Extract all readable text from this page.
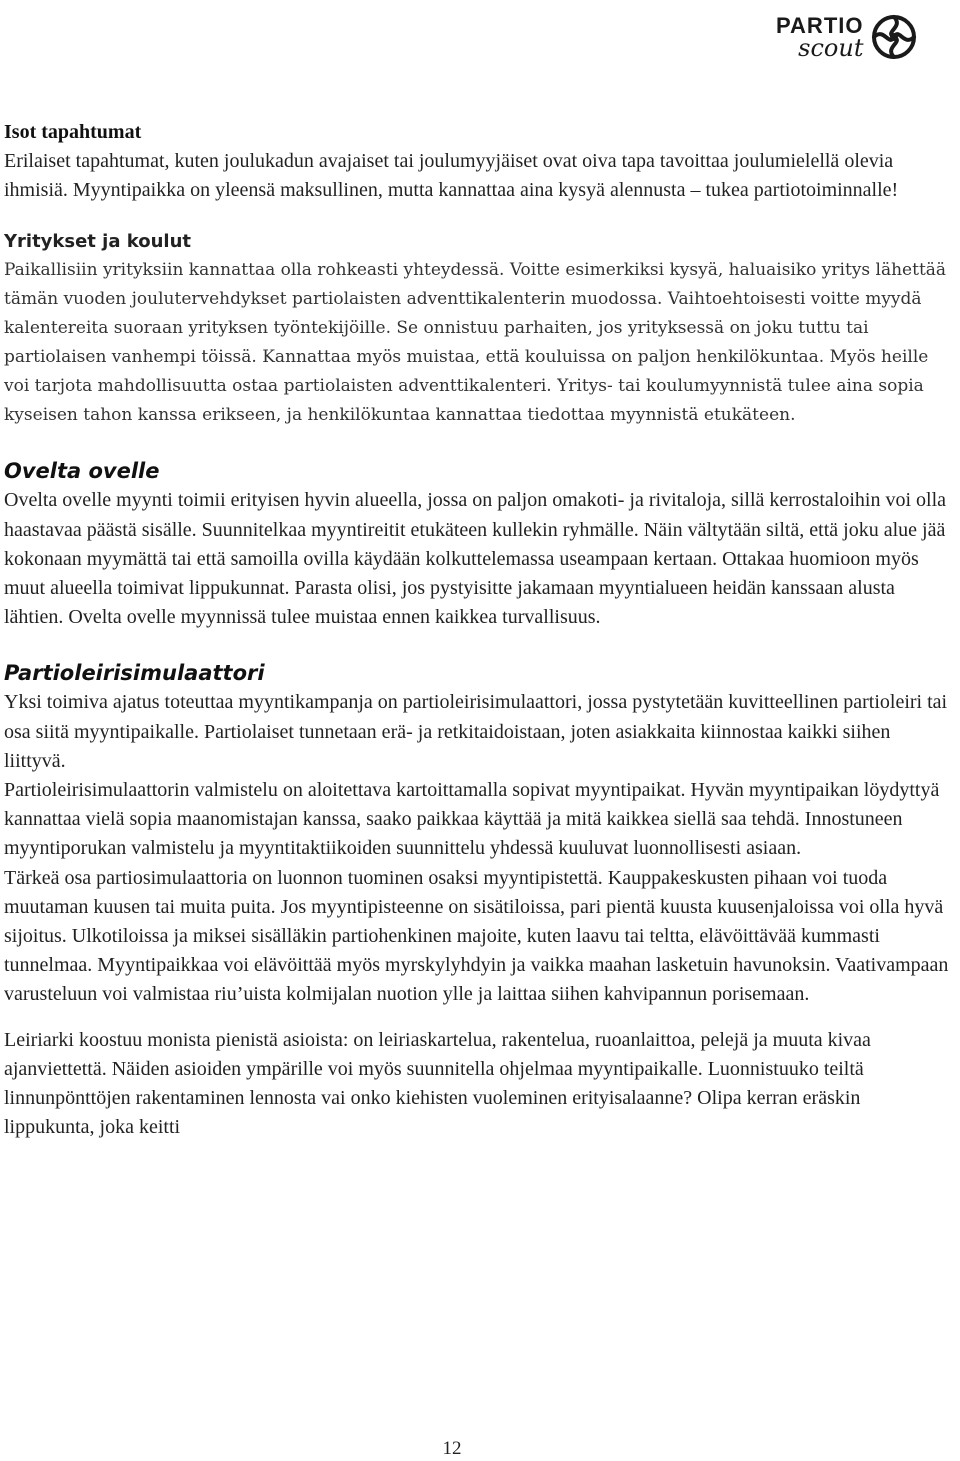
PARTIO
scout
Isot tapahtumat

Erilaiset tapahtumat, kuten joulukadun avajaiset tai joulumyyjäiset ovat oiva tapa tavoittaa joulumielellä olevia ihmisiä. Myyntipaikka on yleensä maksullinen, mutta kannattaa aina kysyä alennusta – tukea partiotoiminnalle!

Yritykset ja koulut

Paikallisiin yrityksiin kannattaa olla rohkeasti yhteydessä. Voitte esimerkiksi kysyä, haluaisiko yritys lähettää tämän vuoden joulutervehdykset partiolaisten adventtikalenterin muodossa. Vaihtoehtoisesti voitte myydä kalentereita suoraan yrityksen työntekijöille. Se onnistuu parhaiten, jos yrityksessä on joku tuttu tai partiolaisen vanhempi töissä. Kannattaa myös muistaa, että kouluissa on paljon henkilökuntaa. Myös heille voi tarjota mahdollisuutta ostaa partiolaisten adventtikalenteri. Yritys- tai koulumyynnistä tulee aina sopia kyseisen tahon kanssa erikseen, ja henkilökuntaa kannattaa tiedottaa myynnistä etukäteen.

Ovelta ovelle

Ovelta ovelle myynti toimii erityisen hyvin alueella, jossa on paljon omakoti- ja rivitaloja, sillä kerrostaloihin voi olla haastavaa päästä sisälle. Suunnitelkaa myyntireitit etukäteen kullekin ryhmälle. Näin vältytään siltä, että joku alue jää kokonaan myymättä tai että samoilla ovilla käydään kolkuttelemassa useampaan kertaan. Ottakaa huomioon myös muut alueella toimivat lippukunnat. Parasta olisi, jos pystyisitte jakamaan myyntialueen heidän kanssaan alusta lähtien. Ovelta ovelle myynnissä tulee muistaa ennen kaikkea turvallisuus.

Partioleirisimulaattori

Yksi toimiva ajatus toteuttaa myyntikampanja on partioleirisimulaattori, jossa pystytetään kuvitteellinen partioleiri tai osa siitä myyntipaikalle. Partiolaiset tunnetaan erä- ja retkitaidoistaan, joten asiakkaita kiinnostaa kaikki siihen liittyvä.

Partioleirisimulaattorin valmistelu on aloitettava kartoittamalla sopivat myyntipaikat. Hyvän myyntipaikan löydyttyä kannattaa vielä sopia maanomistajan kanssa, saako paikkaa käyttää ja mitä kaikkea siellä saa tehdä. Innostuneen myyntiporukan valmistelu ja myyntitaktiikoiden suunnittelu yhdessä kuuluvat luonnollisesti asiaan.

Tärkeä osa partiosimulaattoria on luonnon tuominen osaksi myyntipistettä. Kauppakeskusten pihaan voi tuoda muutaman kuusen tai muita puita. Jos myyntipisteenne on sisätiloissa, pari pientä kuusta kuusenjaloissa voi olla hyvä sijoitus. Ulkotiloissa ja miksei sisälläkin partiohenkinen majoite, kuten laavu tai teltta, elävöittävää kummasti tunnelmaa. Myyntipaikkaa voi elävöittää myös myrskylyhdyin ja vaikka maahan lasketuin havunoksin. Vaativampaan varusteluun voi valmistaa riu’uista kolmijalan nuotion ylle ja laittaa siihen kahvipannun porisemaan.

Leiriarki koostuu monista pienistä asioista: on leiriaskartelua, rakentelua, ruoanlaittoa, pelejä ja muuta kivaa ajanviettettä. Näiden asioiden ympärille voi myös suunnitella ohjelmaa myyntipaikalle. Luonnistuuko teiltä linnunpönttöjen rakentaminen lennosta vai onko kiehisten vuoleminen erityisalaanne? Olipa kerran eräskin lippukunta, joka keitti

12
